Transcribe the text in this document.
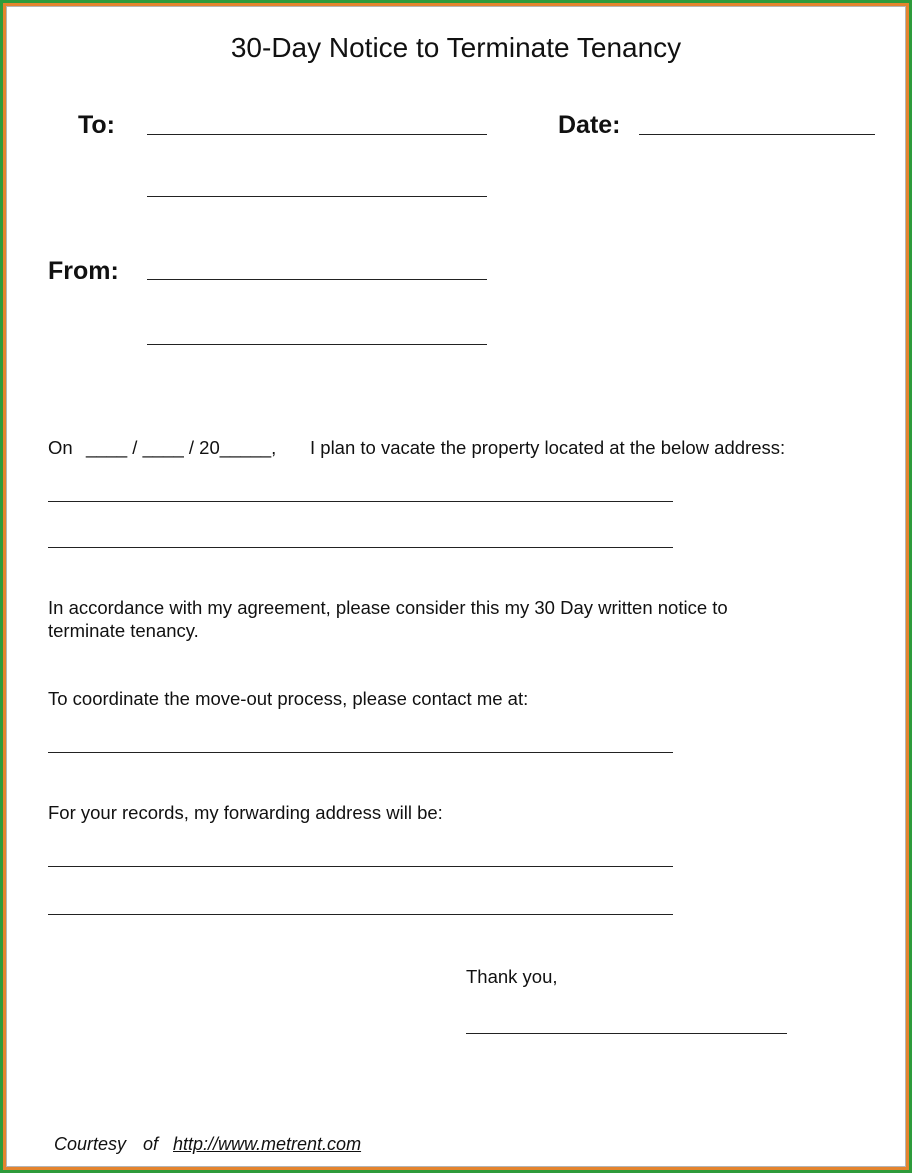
30-Day Notice to Terminate Tenancy
To:	Date:
From:
On ____ / ____ / 20_____, I plan to vacate the property located at the below address:
In accordance with my agreement, please consider this my 30 Day written notice to
terminate tenancy.
To coordinate the move-out process, please contact me at:
For your records, my forwarding address will be:
Thank you,
Courtesy of http://www.metrent.com
